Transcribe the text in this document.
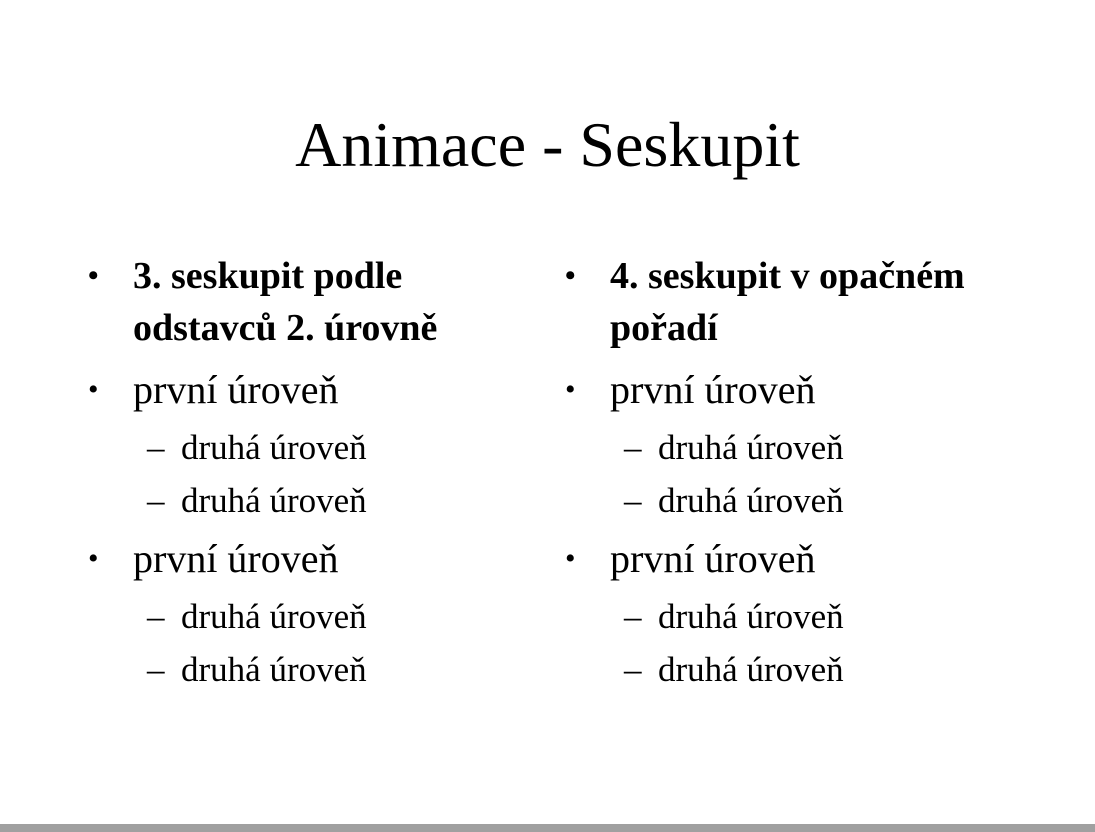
Animace - Seskupit
• 3. seskupit podle odstavců 2. úrovně
• první úroveň
– druhá úroveň
– druhá úroveň
• první úroveň
– druhá úroveň
– druhá úroveň
• 4. seskupit v opačném pořadí
• první úroveň
– druhá úroveň
– druhá úroveň
• první úroveň
– druhá úroveň
– druhá úroveň
